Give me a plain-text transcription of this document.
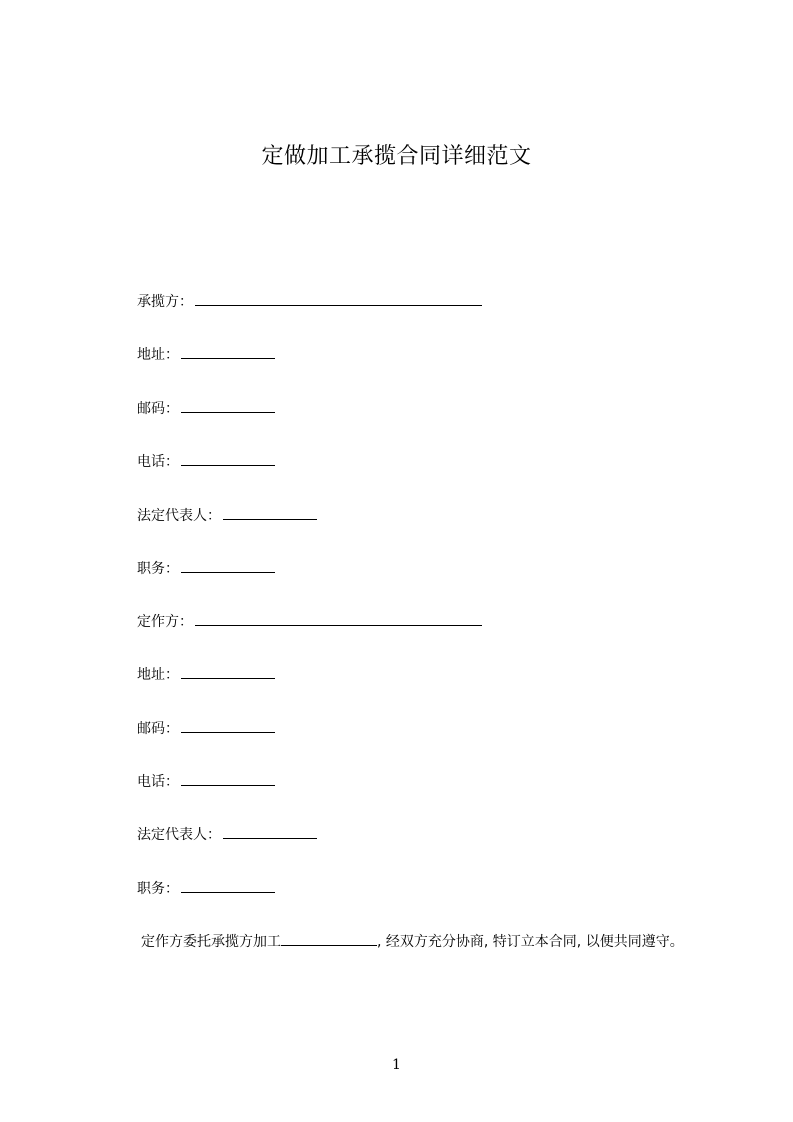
定做加工承揽合同详细范文
承揽方：
地址：
邮码：
电话：
法定代表人：
职务：
定作方：
地址：
邮码：
电话：
法定代表人：
职务：
定作方委托承揽方加工	, 经双方充分协商, 特订立本合同, 以便共同遵守。
1
